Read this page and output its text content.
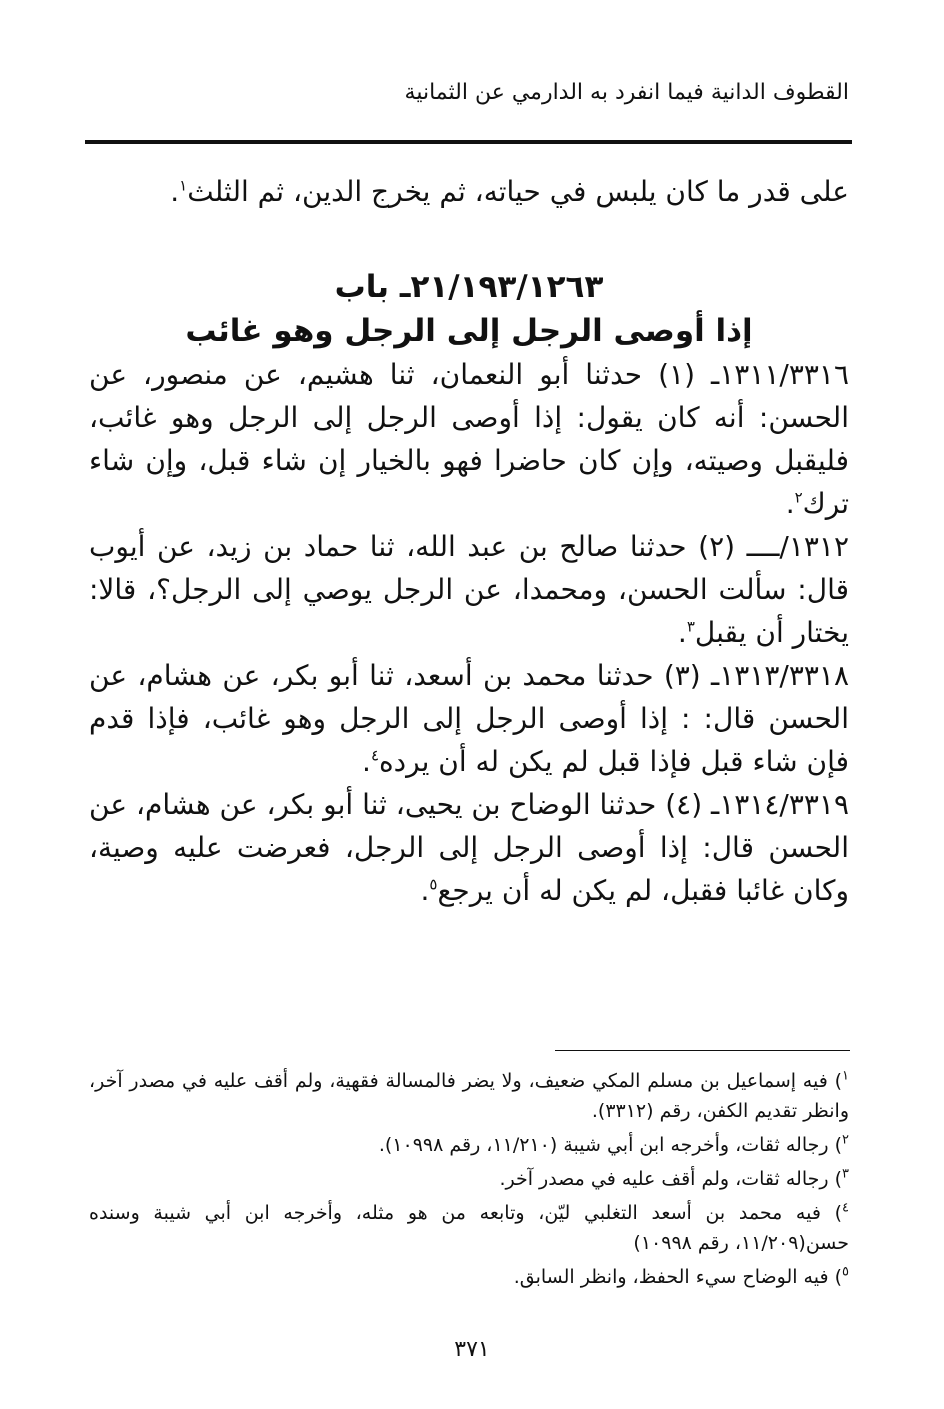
القطوف الدانية فيما انفرد به الدارمي عن الثمانية

على قدر ما كان يلبس في حياته، ثم يخرج الدين، ثم الثلث$^١$.

٢١/١٩٣/١٢٦٣ـ باب

إذا أوصى الرجل إلى الرجل وهو غائب

١٣١١/٣٣١٦ـ (١) حدثنا أبو النعمان، ثنا هشيم، عن منصور، عن الحسن: أنه كان يقول: إذا أوصى الرجل إلى الرجل وهو غائب، فليقبل وصيته، وإن كان حاضرا فهو بالخيار إن شاء قبل، وإن شاء ترك$^٢$.

١٣١٢/ــــ (٢) حدثنا صالح بن عبد الله، ثنا حماد بن زيد، عن أيوب قال: سألت الحسن، ومحمدا، عن الرجل يوصي إلى الرجل؟، قالا: يختار أن يقبل$^٣$.

١٣١٣/٣٣١٨ـ (٣) حدثنا محمد بن أسعد، ثنا أبو بكر، عن هشام، عن الحسن قال: : إذا أوصى الرجل إلى الرجل وهو غائب، فإذا قدم فإن شاء قبل فإذا قبل لم يكن له أن يرده$^٤$.

١٣١٤/٣٣١٩ـ (٤) حدثنا الوضاح بن يحيى، ثنا أبو بكر، عن هشام، عن الحسن قال: إذا أوصى الرجل إلى الرجل، فعرضت عليه وصية، وكان غائبا فقبل، لم يكن له أن يرجع$^٥$.

$^١$) فيه إسماعيل بن مسلم المكي ضعيف، ولا يضر فالمسالة فقهية، ولم أقف عليه في مصدر آخر، وانظر تقديم الكفن، رقم (٣٣١٢).

$^٢$) رجاله ثقات، وأخرجه ابن أبي شيبة (١١/٢١٠، رقم ١٠٩٩٨).

$^٣$) رجاله ثقات، ولم أقف عليه في مصدر آخر.

$^٤$) فيه محمد بن أسعد التغلبي ليّن، وتابعه من هو مثله، وأخرجه ابن أبي شيبة وسنده حسن(١١/٢٠٩، رقم ١٠٩٩٨)

$^٥$) فيه الوضاح سيء الحفظ، وانظر السابق.

٣٧١
